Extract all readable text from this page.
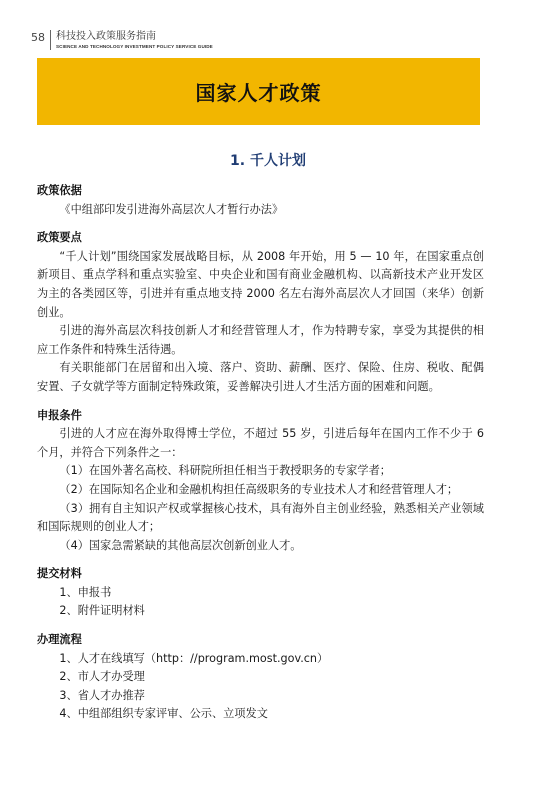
58 科技投入政策服务指南
SCIENCE AND TECHNOLOGY INVESTMENT POLICY SERVICE GUIDE
国家人才政策
1. 千人计划
政策依据
《中组部印发引进海外高层次人才暂行办法》
政策要点
“千人计划”围绕国家发展战略目标，从 2008 年开始，用 5 — 10 年，在国家重点创新项目、重点学科和重点实验室、中央企业和国有商业金融机构、以高新技术产业开发区为主的各类园区等，引进并有重点地支持 2000 名左右海外高层次人才回国（来华）创新创业。
引进的海外高层次科技创新人才和经营管理人才，作为特聘专家，享受为其提供的相应工作条件和特殊生活待遇。
有关职能部门在居留和出入境、落户、资助、薪酬、医疗、保险、住房、税收、配偶安置、子女就学等方面制定特殊政策，妥善解决引进人才生活方面的困难和问题。
申报条件
引进的人才应在海外取得博士学位，不超过 55 岁，引进后每年在国内工作不少于 6 个月，并符合下列条件之一：
（1）在国外著名高校、科研院所担任相当于教授职务的专家学者；
（2）在国际知名企业和金融机构担任高级职务的专业技术人才和经营管理人才；
（3）拥有自主知识产权或掌握核心技术，具有海外自主创业经验，熟悉相关产业领域和国际规则的创业人才；
（4）国家急需紧缺的其他高层次创新创业人才。
提交材料
1、申报书
2、附件证明材料
办理流程
1、人才在线填写（http：//program.most.gov.cn）
2、市人才办受理
3、省人才办推荐
4、中组部组织专家评审、公示、立项发文
